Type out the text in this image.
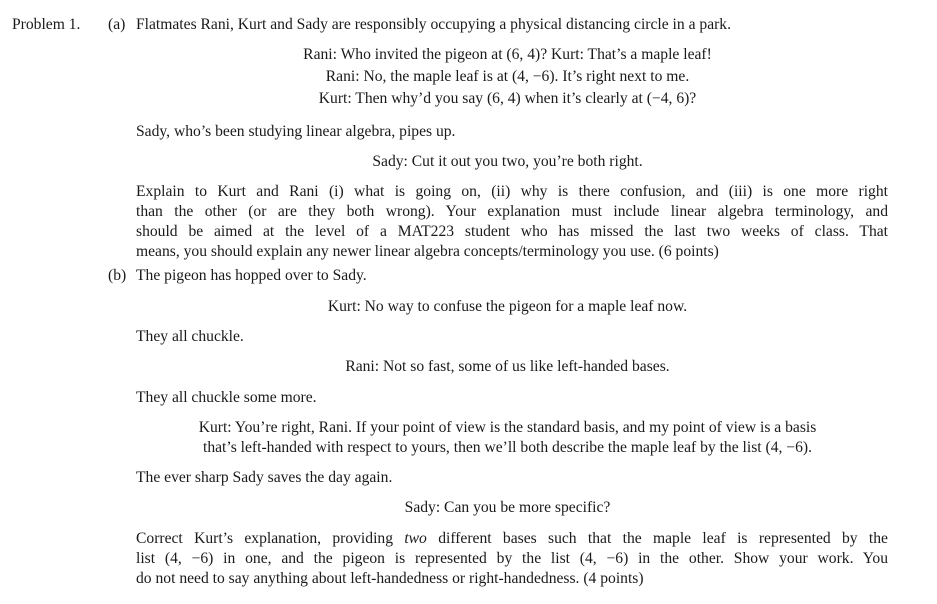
Problem 1. (a) Flatmates Rani, Kurt and Sady are responsibly occupying a physical distancing circle in a park.
Rani: Who invited the pigeon at (6, 4)? Kurt: That’s a maple leaf!
Rani: No, the maple leaf is at (4, −6). It’s right next to me.
Kurt: Then why’d you say (6, 4) when it’s clearly at (−4, 6)?
Sady, who’s been studying linear algebra, pipes up.
Sady: Cut it out you two, you’re both right.
Explain to Kurt and Rani (i) what is going on, (ii) why is there confusion, and (iii) is one more right
than the other (or are they both wrong). Your explanation must include linear algebra terminology, and
should be aimed at the level of a MAT223 student who has missed the last two weeks of class. That
means, you should explain any newer linear algebra concepts/terminology you use. (6 points)
(b) The pigeon has hopped over to Sady.
Kurt: No way to confuse the pigeon for a maple leaf now.
They all chuckle.
Rani: Not so fast, some of us like left-handed bases.
They all chuckle some more.
Kurt: You’re right, Rani. If your point of view is the standard basis, and my point of view is a basis
that’s left-handed with respect to yours, then we’ll both describe the maple leaf by the list (4, −6).
The ever sharp Sady saves the day again.
Sady: Can you be more specific?
Correct Kurt’s explanation, providing two different bases such that the maple leaf is represented by the
list (4, −6) in one, and the pigeon is represented by the list (4, −6) in the other. Show your work. You
do not need to say anything about left-handedness or right-handedness. (4 points)
